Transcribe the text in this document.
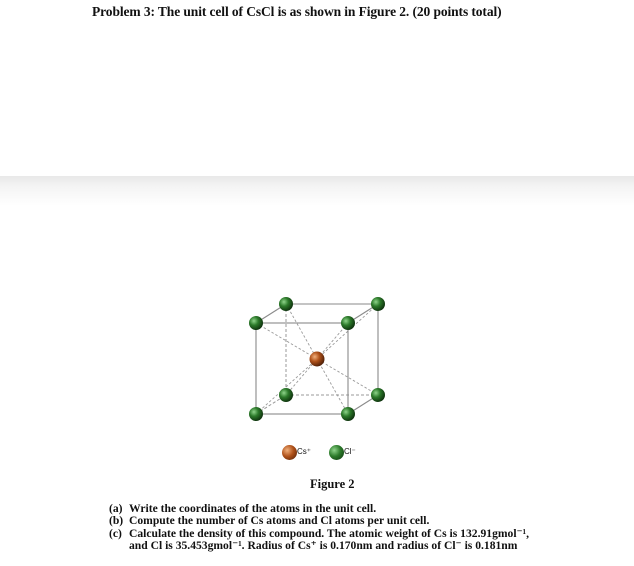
Problem 3: The unit cell of CsCl is as shown in Figure 2. (20 points total)
Cs⁺	Cl⁻

Figure 2

(a) Write the coordinates of the atoms in the unit cell.
(b) Compute the number of Cs atoms and Cl atoms per unit cell.
(c) Calculate the density of this compound. The atomic weight of Cs is 132.91gmol⁻¹,
and Cl is 35.453gmol⁻¹. Radius of Cs⁺ is 0.170nm and radius of Cl⁻ is 0.181nm
